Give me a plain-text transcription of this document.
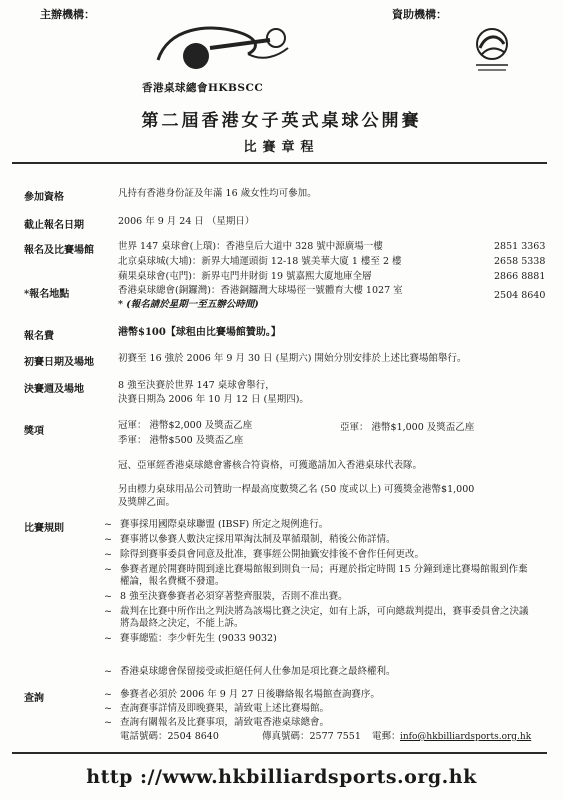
主辦機構：	資助機構：
香港桌球總會HKBSCC
第二屆香港女子英式桌球公開賽
比賽章程
參加資格	凡持有香港身份証及年滿 16 歲女性均可參加。
截止報名日期	2006 年 9 月 24 日 （星期日）
報名及比賽場館	世界 147 桌球會(上環)：香港皇后大道中 328 號中源廣場一樓	2851 3363
北京桌球城(大埔)：新界大埔運頭街 12-18 號美華大廈 1 樓至 2 樓	2658 5338
蘋果桌球會(屯門)：新界屯門井財街 19 號嘉熙大廈地庫全層	2866 8881
*報名地點	香港桌球總會(銅鑼灣)：香港銅鑼灣大球場徑一號體育大樓 1027 室	2504 8640
* (報名請於星期一至五辦公時間)
報名費	港幣$100【球租由比賽場館贊助。】
初賽日期及場地	初賽至 16 強於 2006 年 9 月 30 日 (星期六) 開始分別安排於上述比賽場館舉行。
決賽週及場地	8 強至決賽於世界 147 桌球會舉行，
決賽日期為 2006 年 10 月 12 日 (星期四)。
獎項
冠軍： 港幣$2,000 及獎盃乙座	亞軍： 港幣$1,000 及獎盃乙座
季軍： 港幣$500 及獎盃乙座
冠、亞軍經香港桌球總會審核合符資格，可獲邀請加入香港桌球代表隊。
另由標力桌球用品公司贊助一桿最高度數獎乙名 (50 度或以上) 可獲獎金港幣$1,000
及獎牌乙面。
比賽規則
~	賽事採用國際桌球聯盟 (IBSF) 所定之規例進行。
~ 賽事將以參賽人數決定採用單淘汰制及單循環制，稍後公佈詳情。
~ 除得到賽事委員會同意及批准，賽事經公開抽籤安排後不會作任何更改。
~ 參賽者遲於開賽時間到達比賽場館報到則負一局；再遲於指定時間 15 分鐘到達比賽場館報到作棄權論，報名費概不發還。
~ 8 強至決賽參賽者必須穿著整齊服裝，否則不准出賽。
~ 裁判在比賽中所作出之判決將為該場比賽之決定，如有上訴，可向總裁判提出，賽事委員會之決議將為最終之決定，不能上訴。
~ 賽事總監：李少軒先生 (9033 9032)
~ 香港桌球總會保留接受或拒絕任何人仕參加是項比賽之最終權利。
查詢	~ 參賽者必須於 2006 年 9 月 27 日後聯絡報名場館查詢賽序。
~ 查詢賽事詳情及即晚賽果，請致電上述比賽場館。
~ 查詢有關報名及比賽事項，請致電香港桌球總會。
電話號碼：2504 8640	傳真號碼：2577 7551 電郵： info@hkbilliardsports.org.hk
http ://www.hkbilliardsports.org.hk
